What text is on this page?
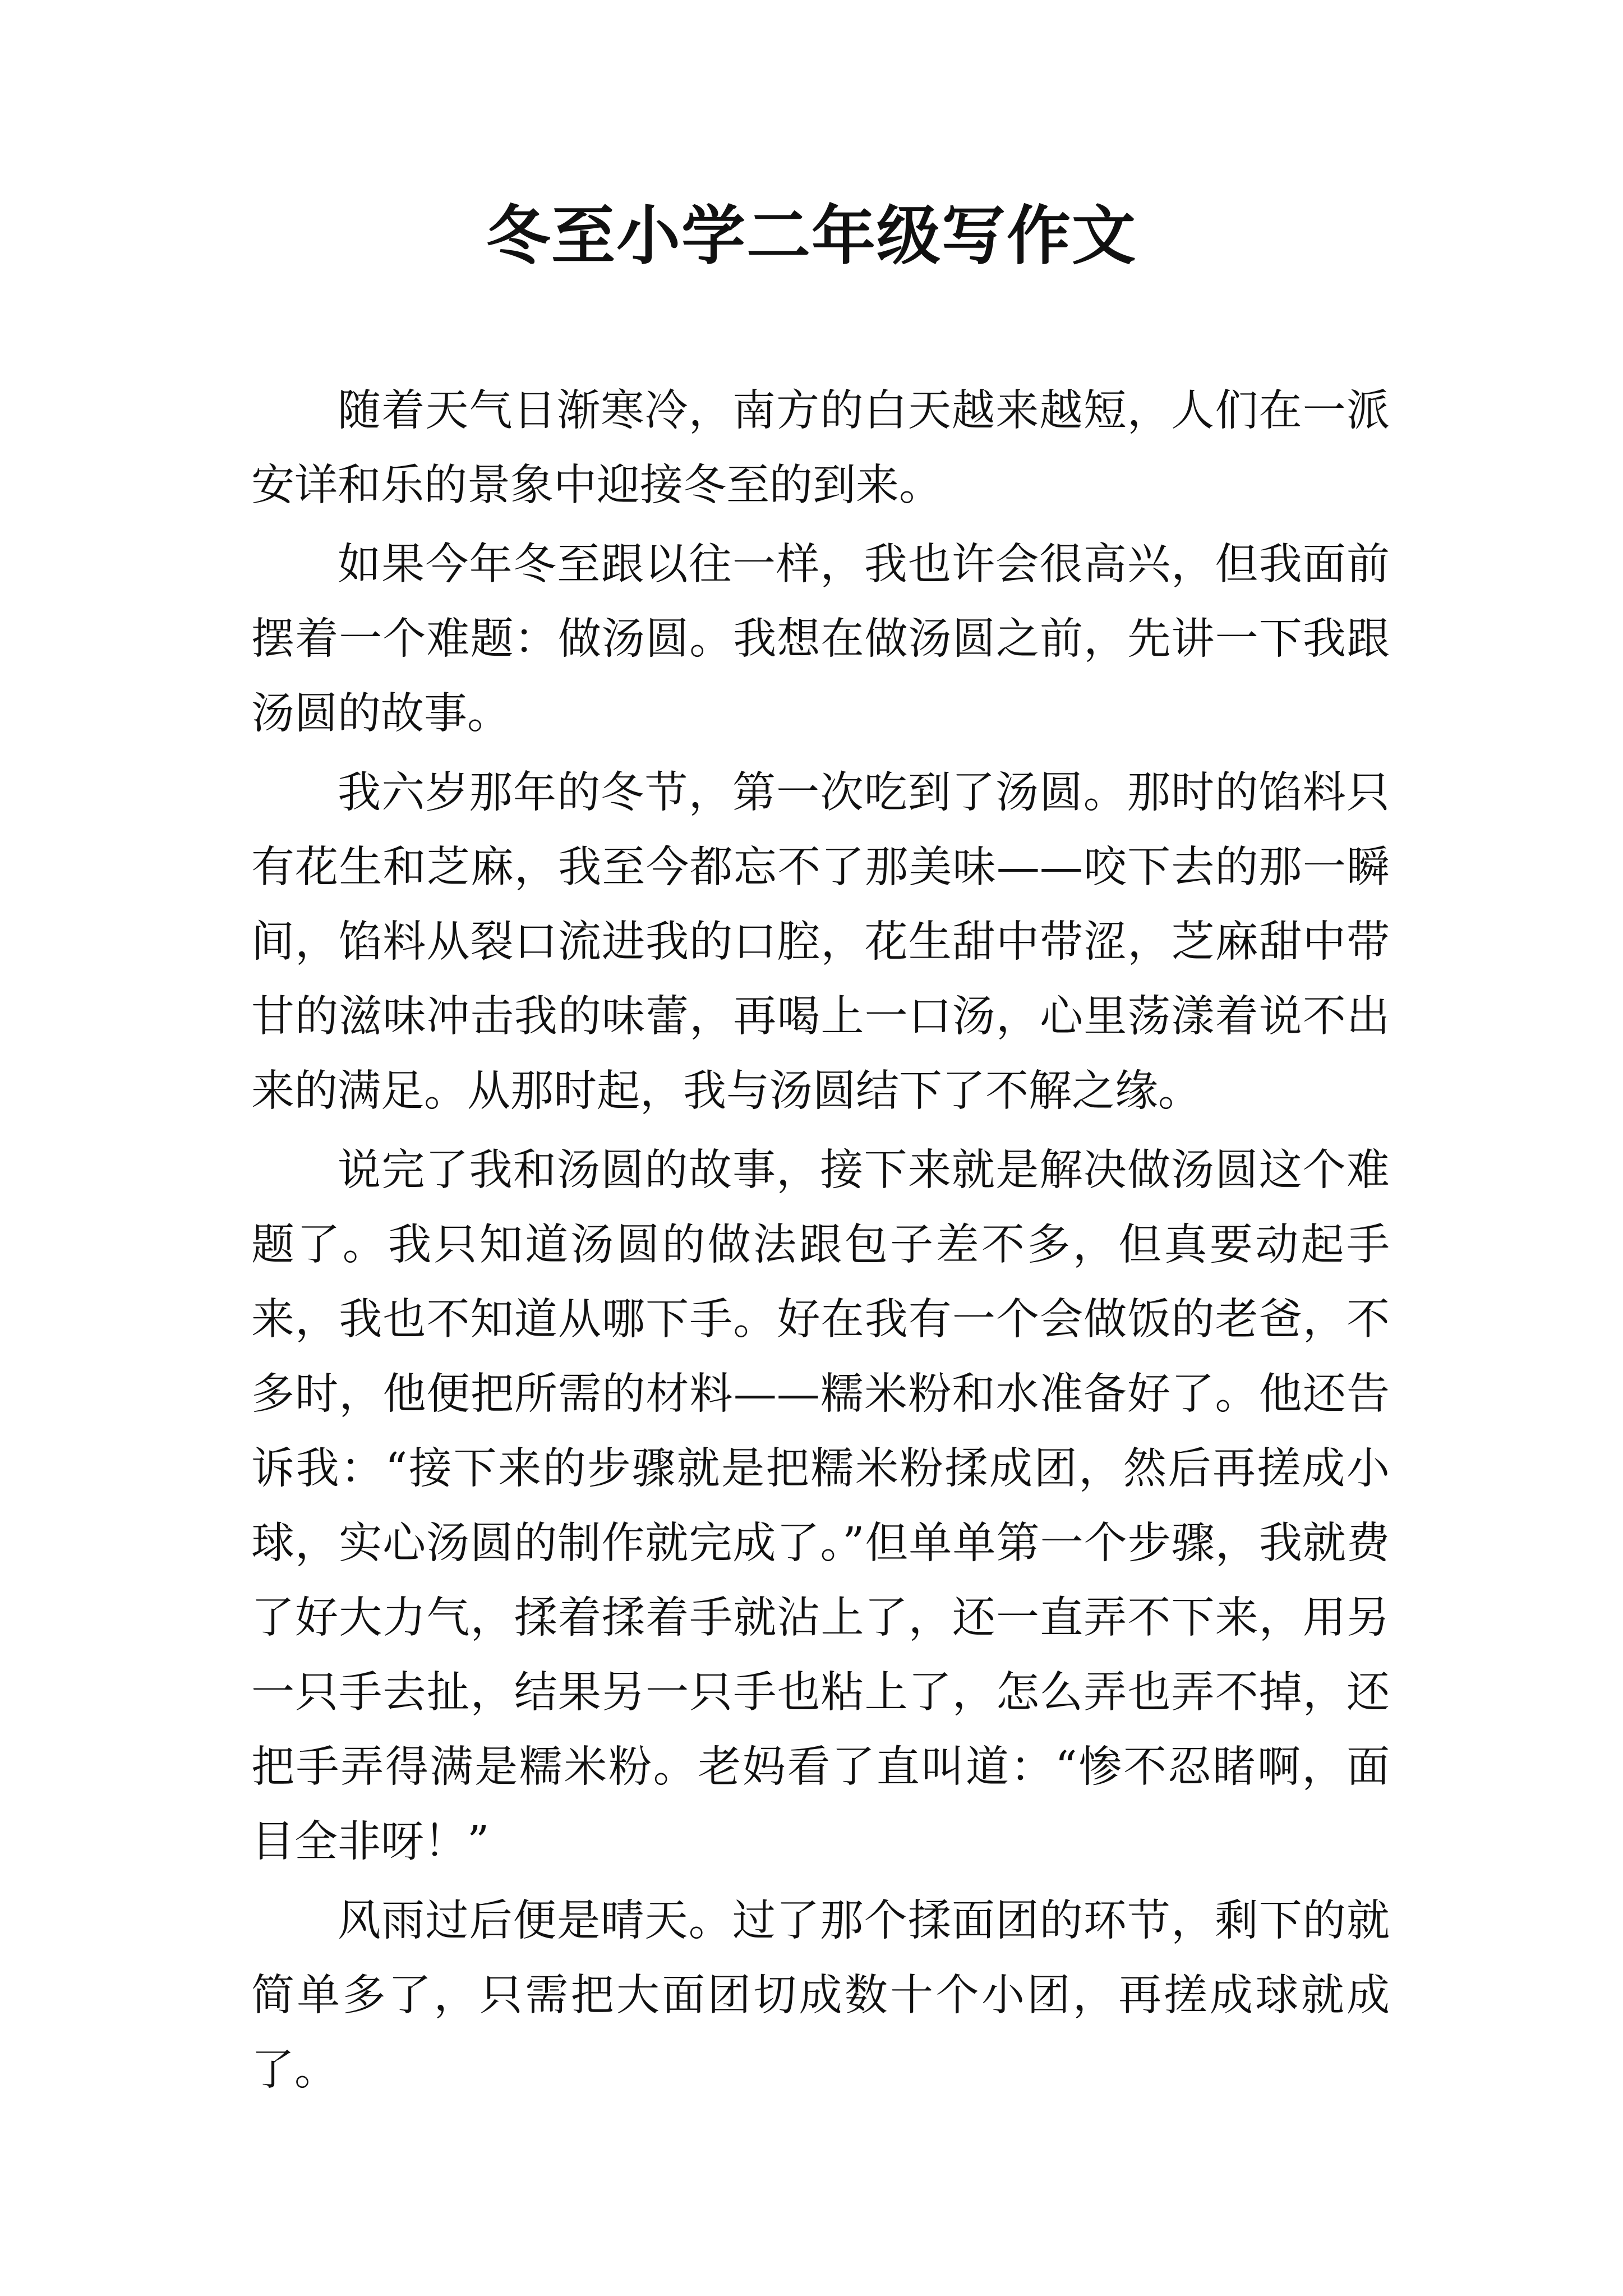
冬至小学二年级写作文

随着天气日渐寒冷，南方的白天越来越短，人们在一派安详和乐的景象中迎接冬至的到来。

如果今年冬至跟以往一样，我也许会很高兴，但我面前摆着一个难题：做汤圆。我想在做汤圆之前，先讲一下我跟汤圆的故事。

我六岁那年的冬节，第一次吃到了汤圆。那时的馅料只有花生和芝麻，我至今都忘不了那美味——咬下去的那一瞬间，馅料从裂口流进我的口腔，花生甜中带涩，芝麻甜中带甘的滋味冲击我的味蕾，再喝上一口汤，心里荡漾着说不出来的满足。从那时起，我与汤圆结下了不解之缘。

说完了我和汤圆的故事，接下来就是解决做汤圆这个难题了。我只知道汤圆的做法跟包子差不多，但真要动起手来，我也不知道从哪下手。好在我有一个会做饭的老爸，不多时，他便把所需的材料——糯米粉和水准备好了。他还告诉我：“接下来的步骤就是把糯米粉揉成团，然后再搓成小球，实心汤圆的制作就完成了。”但单单第一个步骤，我就费了好大力气，揉着揉着手就沾上了，还一直弄不下来，用另一只手去扯，结果另一只手也粘上了，怎么弄也弄不掉，还把手弄得满是糯米粉。老妈看了直叫道：“惨不忍睹啊，面目全非呀！”

风雨过后便是晴天。过了那个揉面团的环节，剩下的就简单多了，只需把大面团切成数十个小团，再搓成球就成了。
